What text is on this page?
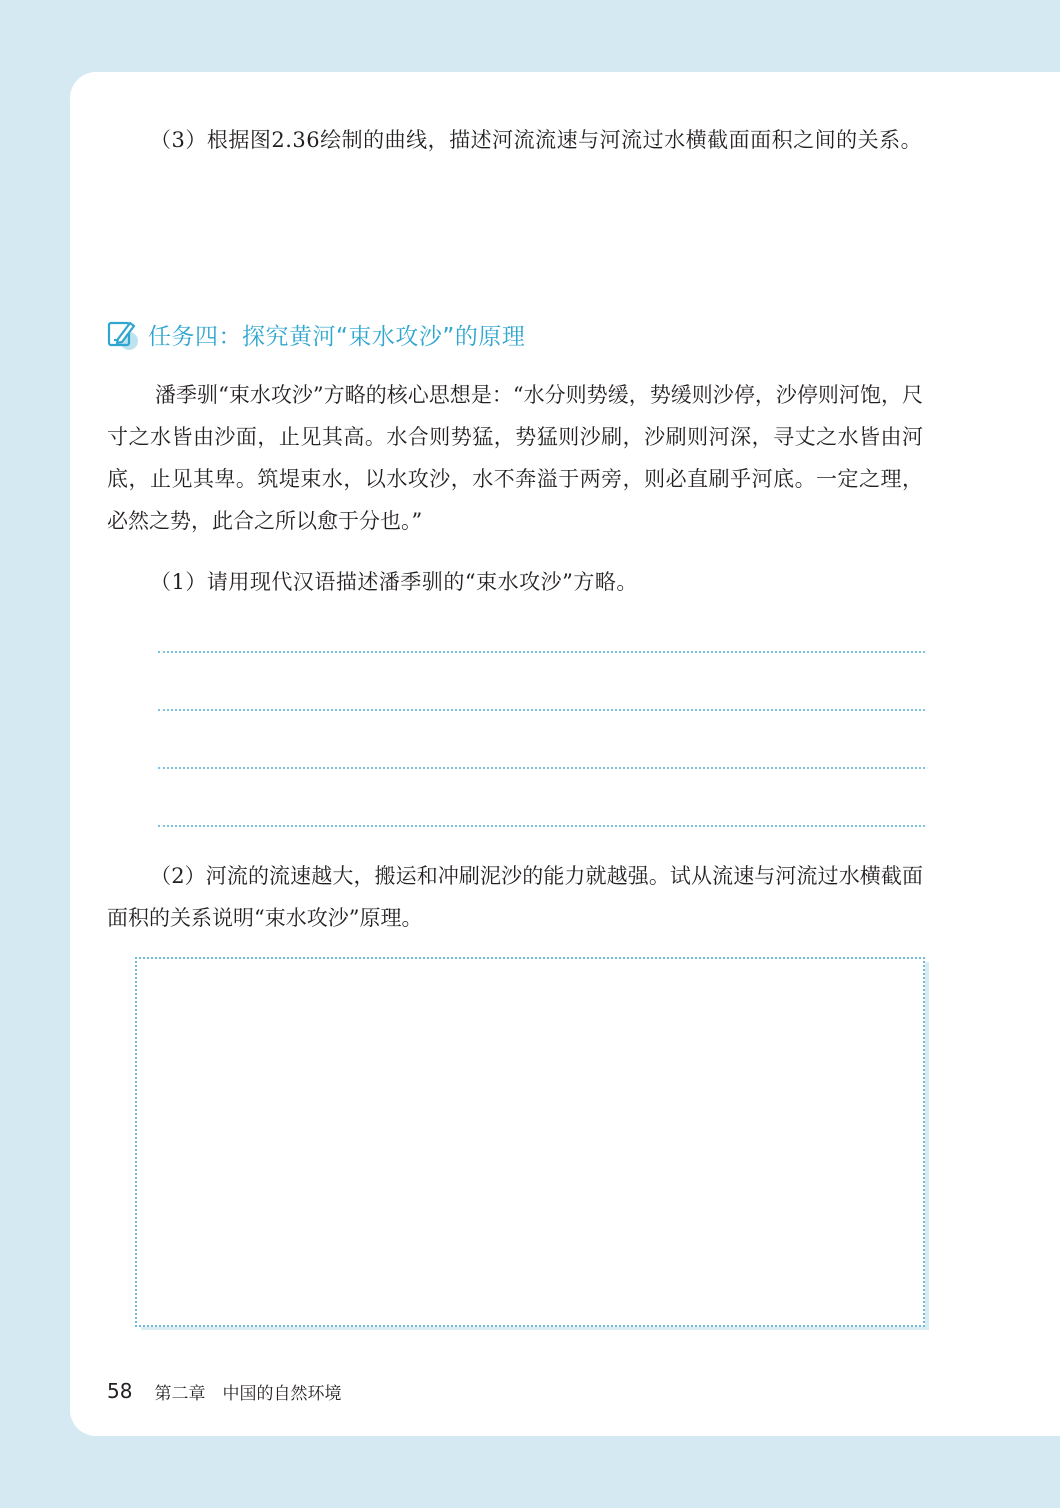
（3）根据图2.36绘制的曲线，描述河流流速与河流过水横截面面积之间的关系。
任务四：探究黄河“束水攻沙”的原理
潘季驯“束水攻沙”方略的核心思想是：“水分则势缓，势缓则沙停，沙停则河饱，尺寸之水皆由沙面，止见其高。水合则势猛，势猛则沙刷，沙刷则河深，寻丈之水皆由河底，止见其卑。筑堤束水，以水攻沙，水不奔溢于两旁，则必直刷乎河底。一定之理，必然之势，此合之所以愈于分也。”
（1）请用现代汉语描述潘季驯的“束水攻沙”方略。
（2）河流的流速越大，搬运和冲刷泥沙的能力就越强。试从流速与河流过水横截面面积的关系说明“束水攻沙”原理。
58 第二章　中国的自然环境
